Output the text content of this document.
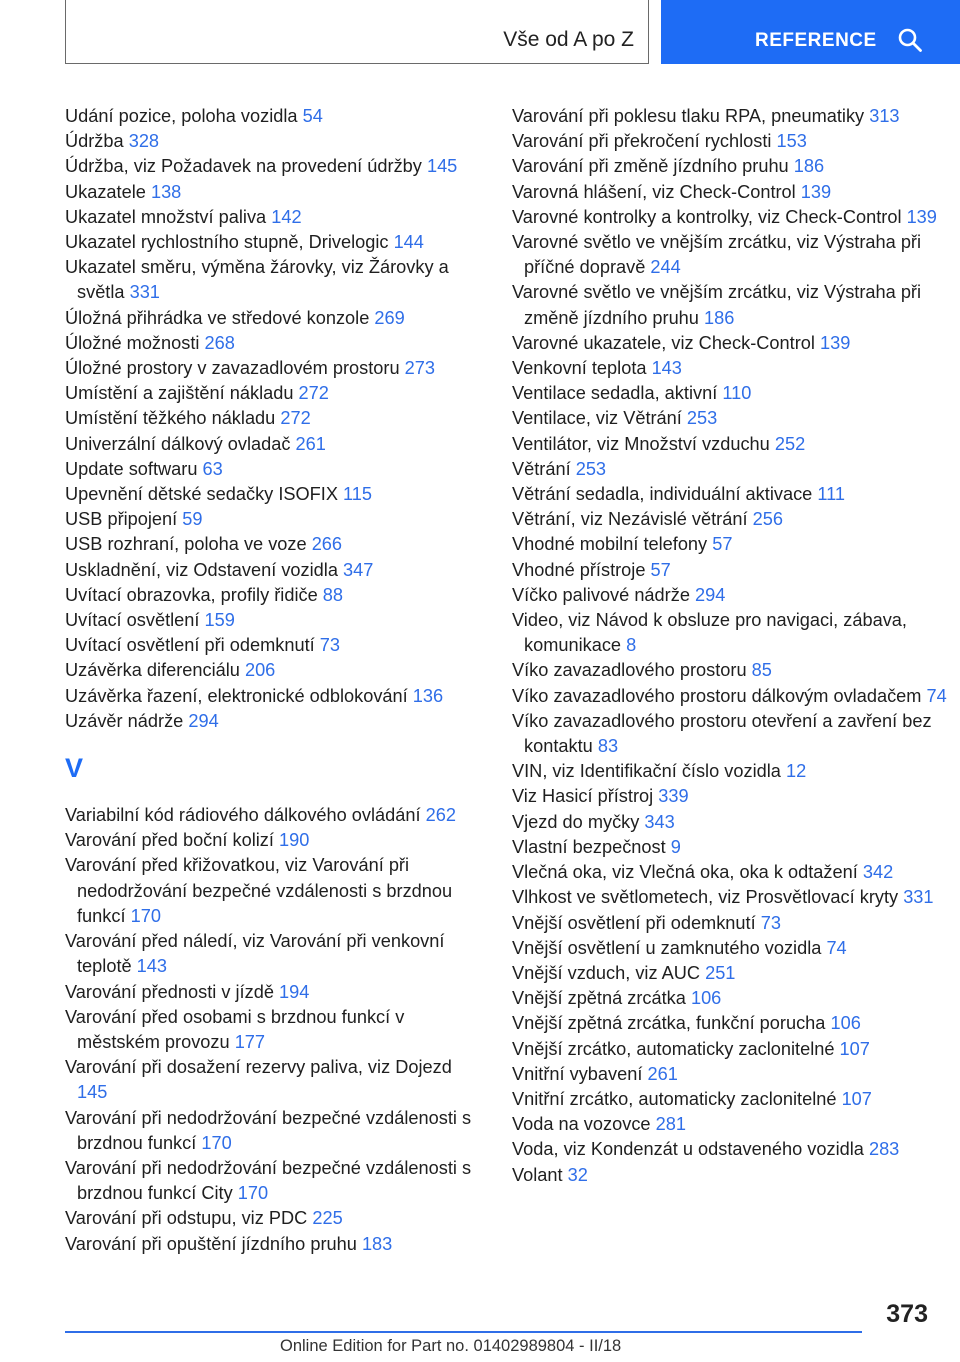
Vše od A po Z	REFERENCE
Udání pozice, poloha vozidla 54
Údržba 328
Údržba, viz Požadavek na provedení údržby 145
Ukazatele 138
Ukazatel množství paliva 142
Ukazatel rychlostního stupně, Drivelogic 144
Ukazatel směru, výměna žárovky, viz Žárovky a světla 331
Úložná přihrádka ve středové konzole 269
Úložné možnosti 268
Úložné prostory v zavazadlovém prostoru 273
Umístění a zajištění nákladu 272
Umístění těžkého nákladu 272
Univerzální dálkový ovladač 261
Update softwaru 63
Upevnění dětské sedačky ISOFIX 115
USB připojení 59
USB rozhraní, poloha ve voze 266
Uskladnění, viz Odstavení vozidla 347
Uvítací obrazovka, profily řidiče 88
Uvítací osvětlení 159
Uvítací osvětlení při odemknutí 73
Uzávěrka diferenciálu 206
Uzávěrka řazení, elektronické odblokování 136
Uzávěr nádrže 294
V
Variabilní kód rádiového dálkového ovládání 262
Varování před boční kolizí 190
Varování před křižovatkou, viz Varování při nedodržování bezpečné vzdálenosti s brzdnou funkcí 170
Varování před náledí, viz Varování při venkovní teplotě 143
Varování přednosti v jízdě 194
Varování před osobami s brzdnou funkcí v městském provozu 177
Varování při dosažení rezervy paliva, viz Dojezd 145
Varování při nedodržování bezpečné vzdálenosti s brzdnou funkcí 170
Varování při nedodržování bezpečné vzdálenosti s brzdnou funkcí City 170
Varování při odstupu, viz PDC 225
Varování při opuštění jízdního pruhu 183
Varování při poklesu tlaku RPA, pneumatiky 313
Varování při překročení rychlosti 153
Varování při změně jízdního pruhu 186
Varovná hlášení, viz Check-Control 139
Varovné kontrolky a kontrolky, viz Check-Control 139
Varovné světlo ve vnějším zrcátku, viz Výstraha při příčné dopravě 244
Varovné světlo ve vnějším zrcátku, viz Výstraha při změně jízdního pruhu 186
Varovné ukazatele, viz Check-Control 139
Venkovní teplota 143
Ventilace sedadla, aktivní 110
Ventilace, viz Větrání 253
Ventilátor, viz Množství vzduchu 252
Větrání 253
Větrání sedadla, individuální aktivace 111
Větrání, viz Nezávislé větrání 256
Vhodné mobilní telefony 57
Vhodné přístroje 57
Víčko palivové nádrže 294
Video, viz Návod k obsluze pro navigaci, zábava, komunikace 8
Víko zavazadlového prostoru 85
Víko zavazadlového prostoru dálkovým ovladačem 74
Víko zavazadlového prostoru otevření a zavření bez kontaktu 83
VIN, viz Identifikační číslo vozidla 12
Viz Hasicí přístroj 339
Vjezd do myčky 343
Vlastní bezpečnost 9
Vlečná oka, viz Vlečná oka, oka k odtažení 342
Vlhkost ve světlometech, viz Prosvětlovací kryty 331
Vnější osvětlení při odemknutí 73
Vnější osvětlení u zamknutého vozidla 74
Vnější vzduch, viz AUC 251
Vnější zpětná zrcátka 106
Vnější zpětná zrcátka, funkční porucha 106
Vnější zrcátko, automaticky zaclonitelné 107
Vnitřní vybavení 261
Vnitřní zrcátko, automaticky zaclonitelné 107
Voda na vozovce 281
Voda, viz Kondenzát u odstaveného vozidla 283
Volant 32
373
Online Edition for Part no. 01402989804 - II/18
